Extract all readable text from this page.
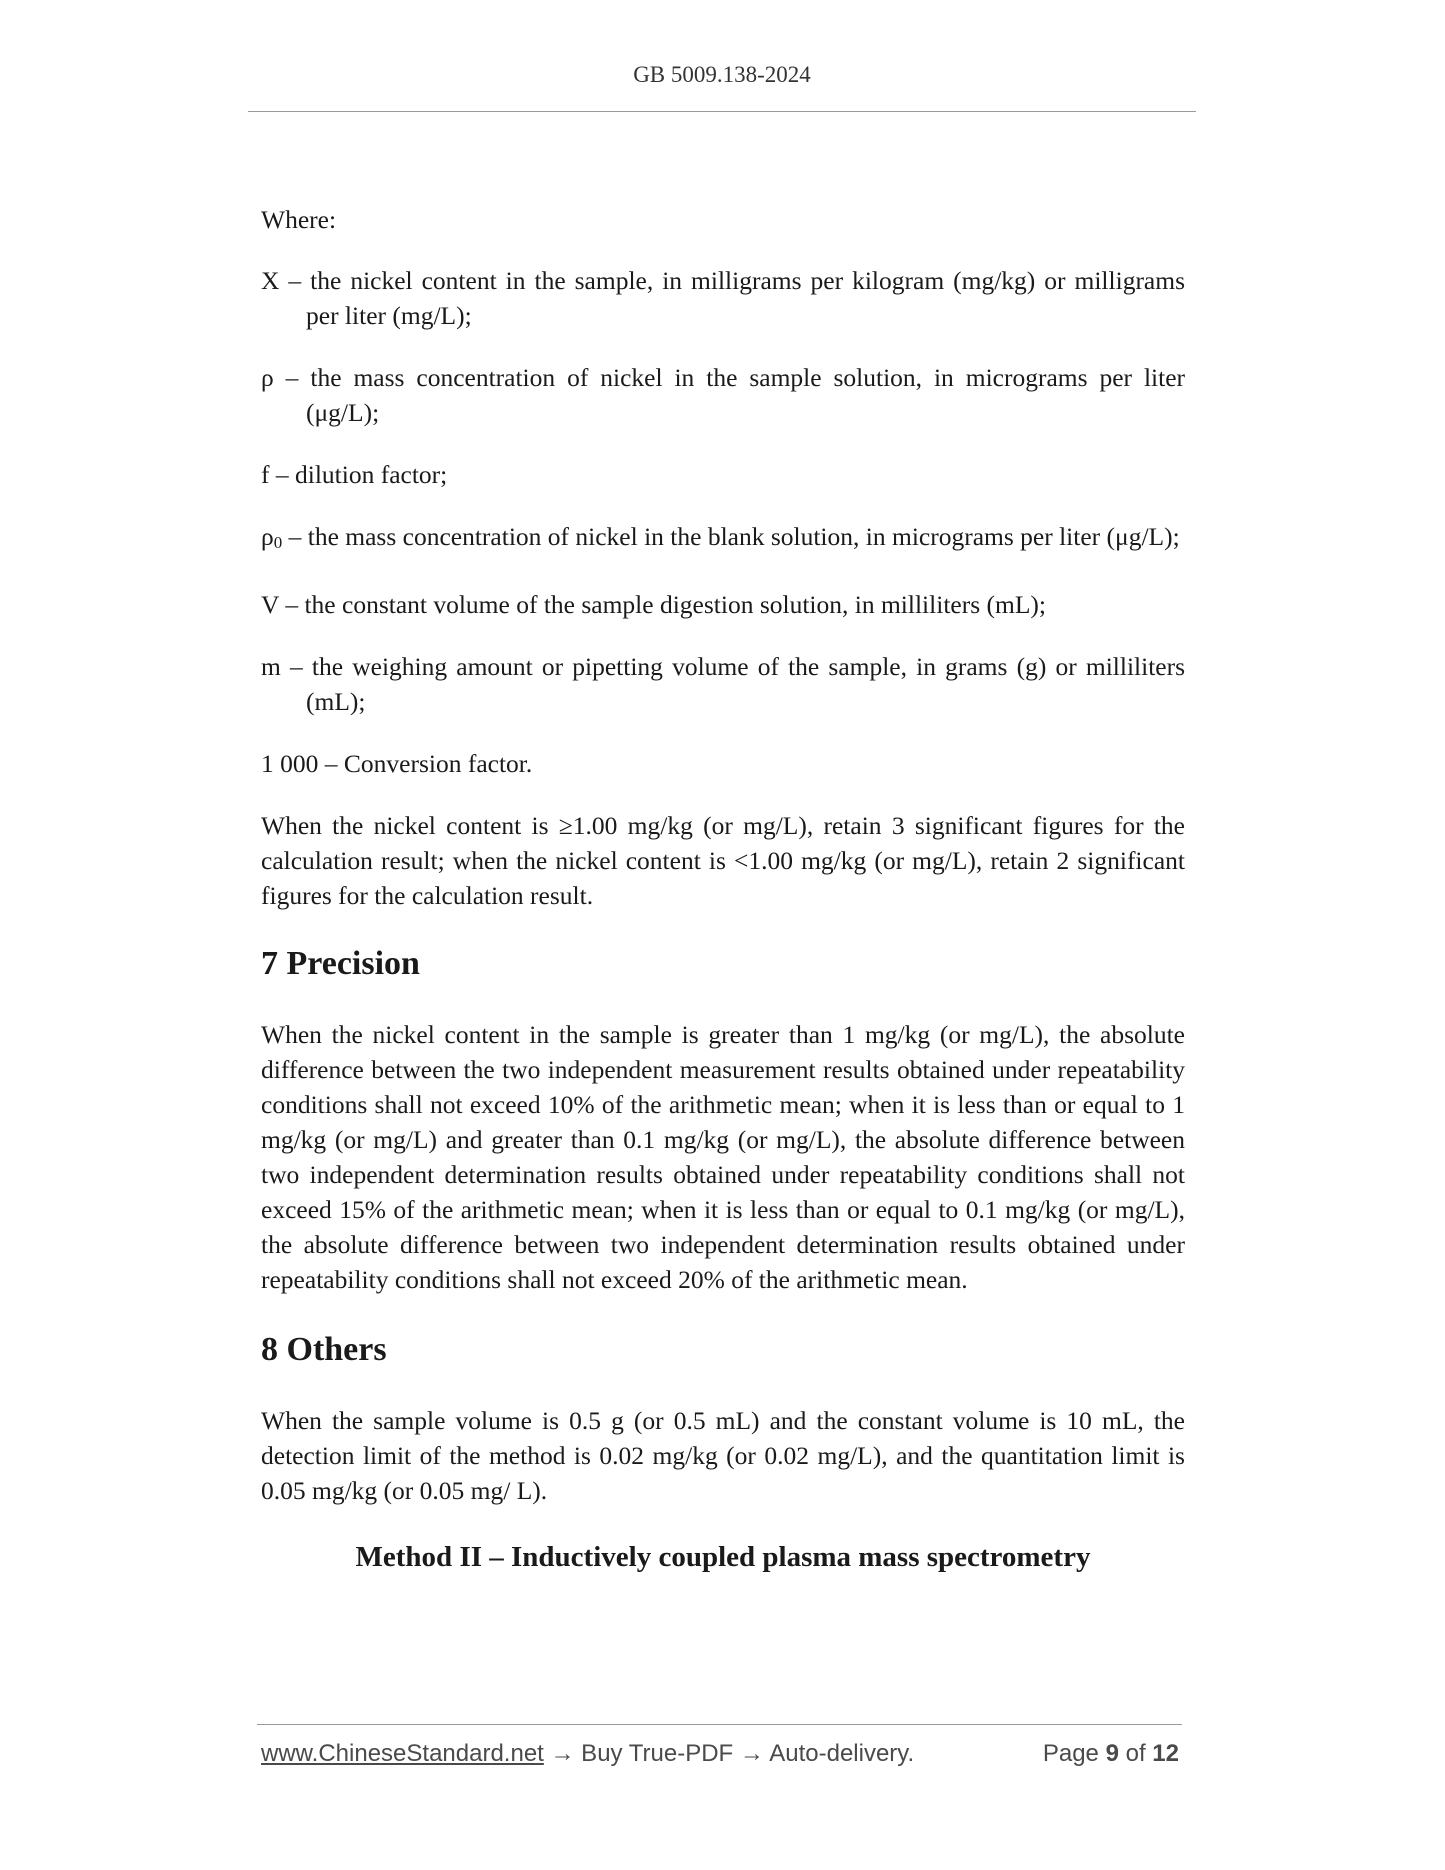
GB 5009.138-2024

Where:

X – the nickel content in the sample, in milligrams per kilogram (mg/kg) or milligrams per liter (mg/L);

ρ – the mass concentration of nickel in the sample solution, in micrograms per liter (μg/L);

f – dilution factor;

ρ0 – the mass concentration of nickel in the blank solution, in micrograms per liter (μg/L);

V – the constant volume of the sample digestion solution, in milliliters (mL);

m – the weighing amount or pipetting volume of the sample, in grams (g) or milliliters (mL);

1 000 – Conversion factor.

When the nickel content is ≥1.00 mg/kg (or mg/L), retain 3 significant figures for the calculation result; when the nickel content is <1.00 mg/kg (or mg/L), retain 2 significant figures for the calculation result.

7 Precision

When the nickel content in the sample is greater than 1 mg/kg (or mg/L), the absolute difference between the two independent measurement results obtained under repeatability conditions shall not exceed 10% of the arithmetic mean; when it is less than or equal to 1 mg/kg (or mg/L) and greater than 0.1 mg/kg (or mg/L), the absolute difference between two independent determination results obtained under repeatability conditions shall not exceed 15% of the arithmetic mean; when it is less than or equal to 0.1 mg/kg (or mg/L), the absolute difference between two independent determination results obtained under repeatability conditions shall not exceed 20% of the arithmetic mean.

8 Others

When the sample volume is 0.5 g (or 0.5 mL) and the constant volume is 10 mL, the detection limit of the method is 0.02 mg/kg (or 0.02 mg/L), and the quantitation limit is 0.05 mg/kg (or 0.05 mg/ L).

Method II – Inductively coupled plasma mass spectrometry

www.ChineseStandard.net → Buy True-PDF → Auto-delivery.	Page 9 of 12
